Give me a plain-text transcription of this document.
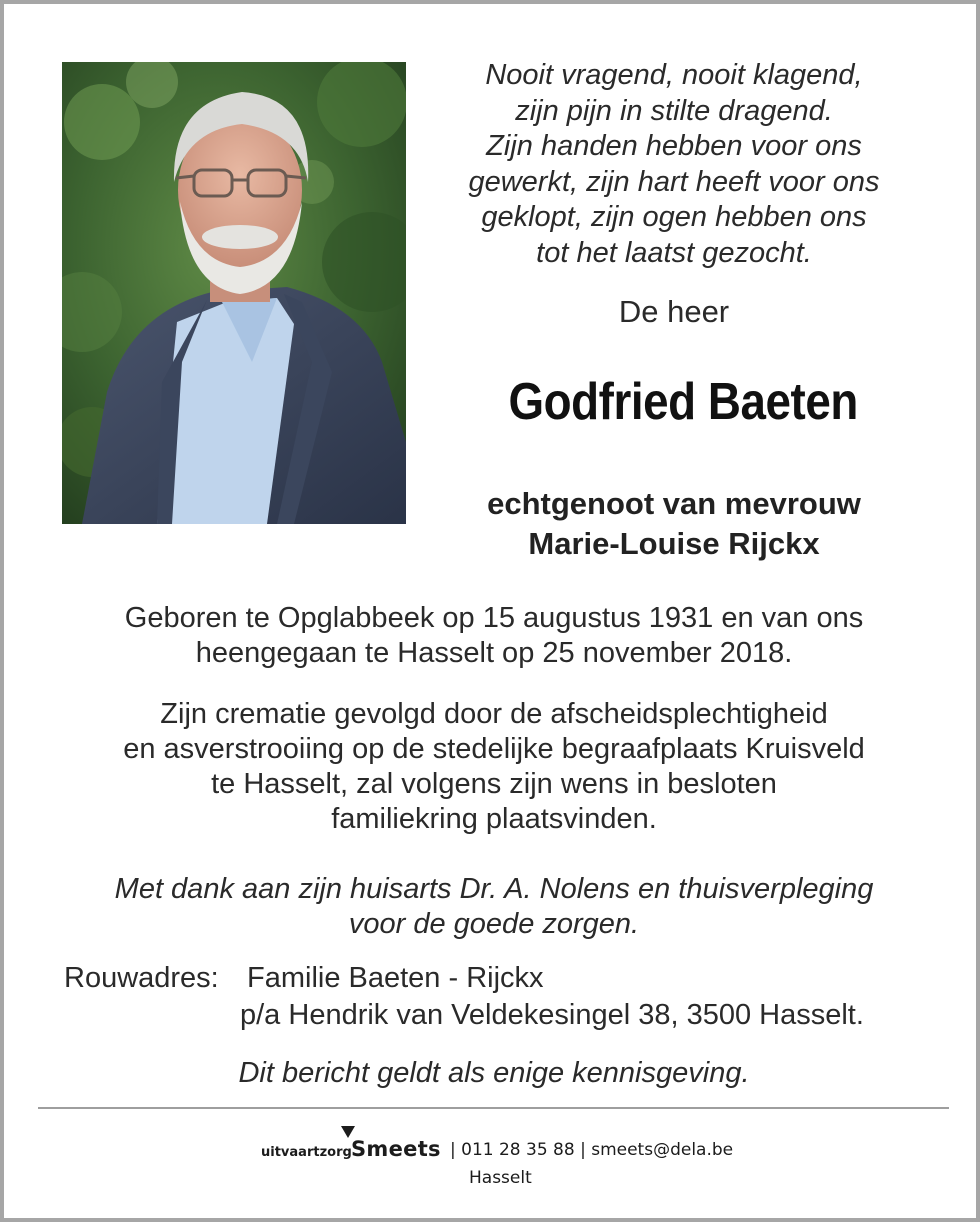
Nooit vragend, nooit klagend,
zijn pijn in stilte dragend.
Zijn handen hebben voor ons
gewerkt, zijn hart heeft voor ons
geklopt, zijn ogen hebben ons
tot het laatst gezocht.
De heer
Godfried Baeten
echtgenoot van mevrouw
Marie-Louise Rijckx
Geboren te Opglabbeek op 15 augustus 1931 en van ons
heengegaan te Hasselt op 25 november 2018.
Zijn crematie gevolgd door de afscheidsplechtigheid
en asverstrooiing op de stedelijke begraafplaats Kruisveld
te Hasselt, zal volgens zijn wens in besloten
familiekring plaatsvinden.
Met dank aan zijn huisarts Dr. A. Nolens en thuisverpleging
voor de goede zorgen.
Rouwadres: Familie Baeten - Rijckx
p/a Hendrik van Veldekesingel 38, 3500 Hasselt.
Dit bericht geldt als enige kennisgeving.
uitvaartzorg Smeets | 011 28 35 88 | smeets@dela.be
Hasselt
